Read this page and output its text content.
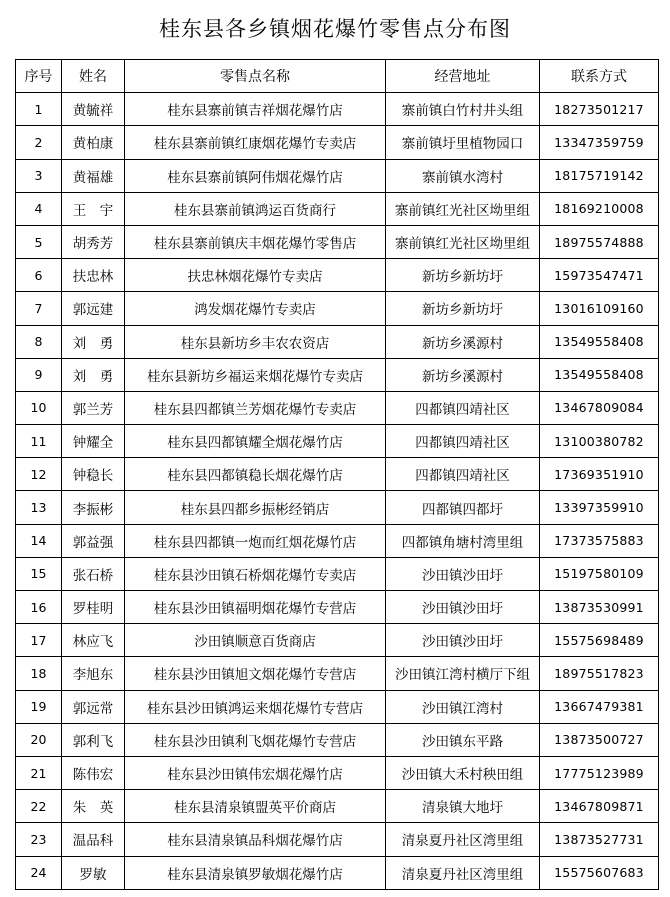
桂东县各乡镇烟花爆竹零售点分布图
序号	姓名	零售点名称	经营地址	联系方式
1	黄毓祥	桂东县寨前镇吉祥烟花爆竹店	寨前镇白竹村井头组	18273501217
2	黄柏康	桂东县寨前镇红康烟花爆竹专卖店	寨前镇圩里植物园口	13347359759
3	黄福雄	桂东县寨前镇阿伟烟花爆竹店	寨前镇水湾村	18175719142
4	王　宇	桂东县寨前镇鸿运百货商行	寨前镇红光社区坳里组	18169210008
5	胡秀芳	桂东县寨前镇庆丰烟花爆竹零售店	寨前镇红光社区坳里组	18975574888
6	扶忠林	扶忠林烟花爆竹专卖店	新坊乡新坊圩	15973547471
7	郭远建	鸿发烟花爆竹专卖店	新坊乡新坊圩	13016109160
8	刘　勇	桂东县新坊乡丰农农资店	新坊乡溪源村	13549558408
9	刘　勇	桂东县新坊乡福运来烟花爆竹专卖店	新坊乡溪源村	13549558408
10	郭兰芳	桂东县四都镇兰芳烟花爆竹专卖店	四都镇四靖社区	13467809084
11	钟耀全	桂东县四都镇耀全烟花爆竹店	四都镇四靖社区	13100380782
12	钟稳长	桂东县四都镇稳长烟花爆竹店	四都镇四靖社区	17369351910
13	李振彬	桂东县四都乡振彬经销店	四都镇四都圩	13397359910
14	郭益强	桂东县四都镇一炮而红烟花爆竹店	四都镇角塘村湾里组	17373575883
15	张石桥	桂东县沙田镇石桥烟花爆竹专卖店	沙田镇沙田圩	15197580109
16	罗桂明	桂东县沙田镇福明烟花爆竹专营店	沙田镇沙田圩	13873530991
17	林应飞	沙田镇顺意百货商店	沙田镇沙田圩	15575698489
18	李旭东	桂东县沙田镇旭文烟花爆竹专营店	沙田镇江湾村横厅下组	18975517823
19	郭远常	桂东县沙田镇鸿运来烟花爆竹专营店	沙田镇江湾村	13667479381
20	郭利飞	桂东县沙田镇利飞烟花爆竹专营店	沙田镇东平路	13873500727
21	陈伟宏	桂东县沙田镇伟宏烟花爆竹店	沙田镇大禾村秧田组	17775123989
22	朱　英	桂东县清泉镇盟英平价商店	清泉镇大地圩	13467809871
23	温品科	桂东县清泉镇品科烟花爆竹店	清泉夏丹社区湾里组	13873527731
24	罗敏	桂东县清泉镇罗敏烟花爆竹店	清泉夏丹社区湾里组	15575607683
